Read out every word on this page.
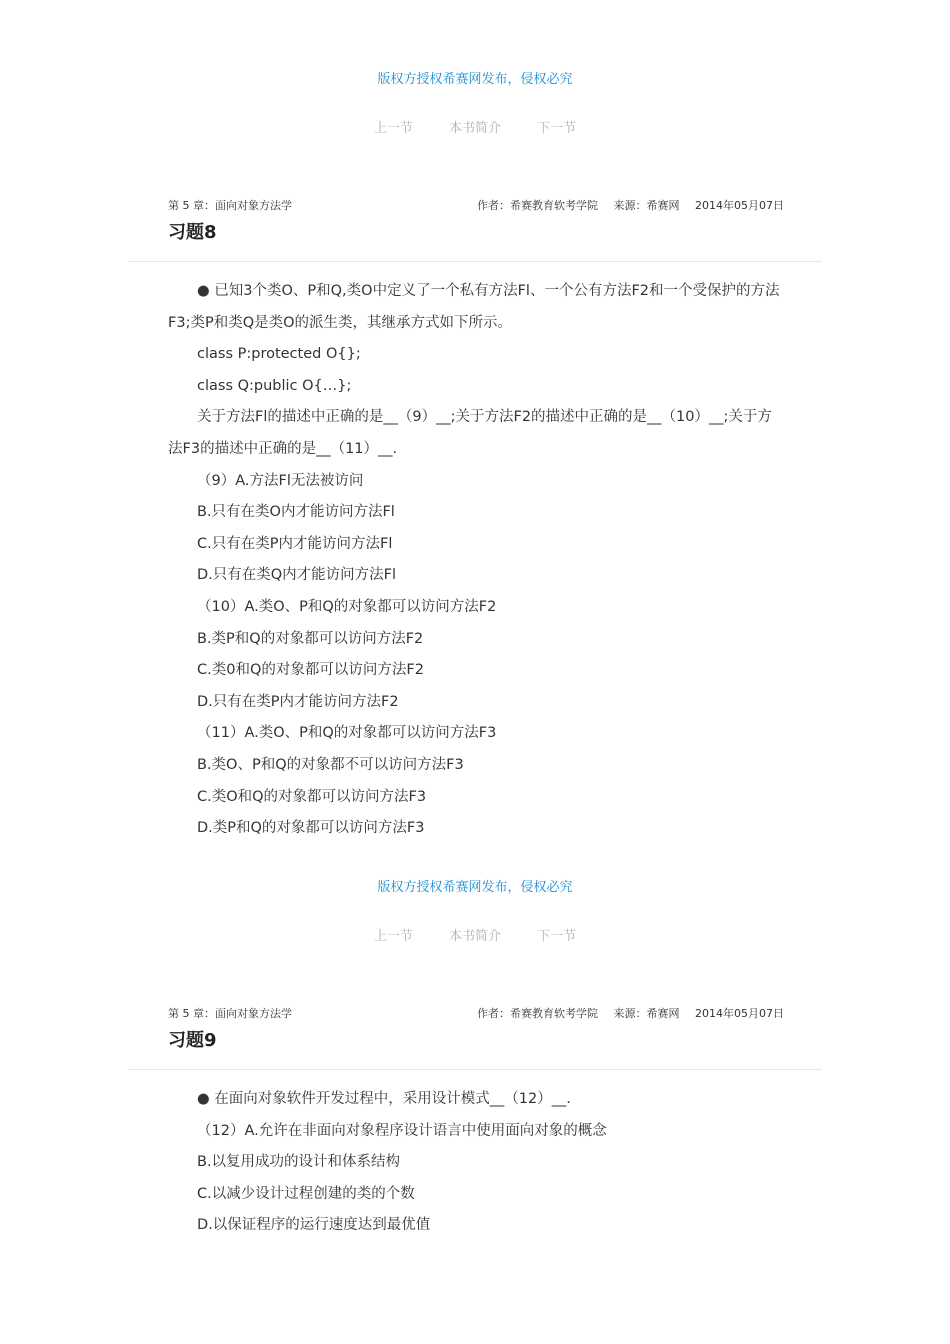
版权方授权希赛网发布，侵权必究
上一节	本书简介	下一节
第 5 章：面向对象方法学	作者：希赛教育软考学院 来源：希赛网 2014年05月07日
习题8

● 已知3个类O、P和Q,类O中定义了一个私有方法Fl、一个公有方法F2和一个受保护的方法F3;类P和类Q是类O的派生类，其继承方式如下所示。

class P:protected O{};

class Q:public O{…};

关于方法Fl的描述中正确的是__（9）__;关于方法F2的描述中正确的是__（10）__;关于方法F3的描述中正确的是__（11）__.

（9）A.方法Fl无法被访问

B.只有在类O内才能访问方法Fl

C.只有在类P内才能访问方法Fl

D.只有在类Q内才能访问方法Fl

（10）A.类O、P和Q的对象都可以访问方法F2

B.类P和Q的对象都可以访问方法F2

C.类0和Q的对象都可以访问方法F2

D.只有在类P内才能访问方法F2

（11）A.类O、P和Q的对象都可以访问方法F3

B.类O、P和Q的对象都不可以访问方法F3

C.类O和Q的对象都可以访问方法F3

D.类P和Q的对象都可以访问方法F3

版权方授权希赛网发布，侵权必究
上一节	本书简介	下一节
第 5 章：面向对象方法学	作者：希赛教育软考学院 来源：希赛网 2014年05月07日
习题9

● 在面向对象软件开发过程中，采用设计模式__（12）__.

（12）A.允许在非面向对象程序设计语言中使用面向对象的概念

B.以复用成功的设计和体系结构

C.以减少设计过程创建的类的个数

D.以保证程序的运行速度达到最优值
